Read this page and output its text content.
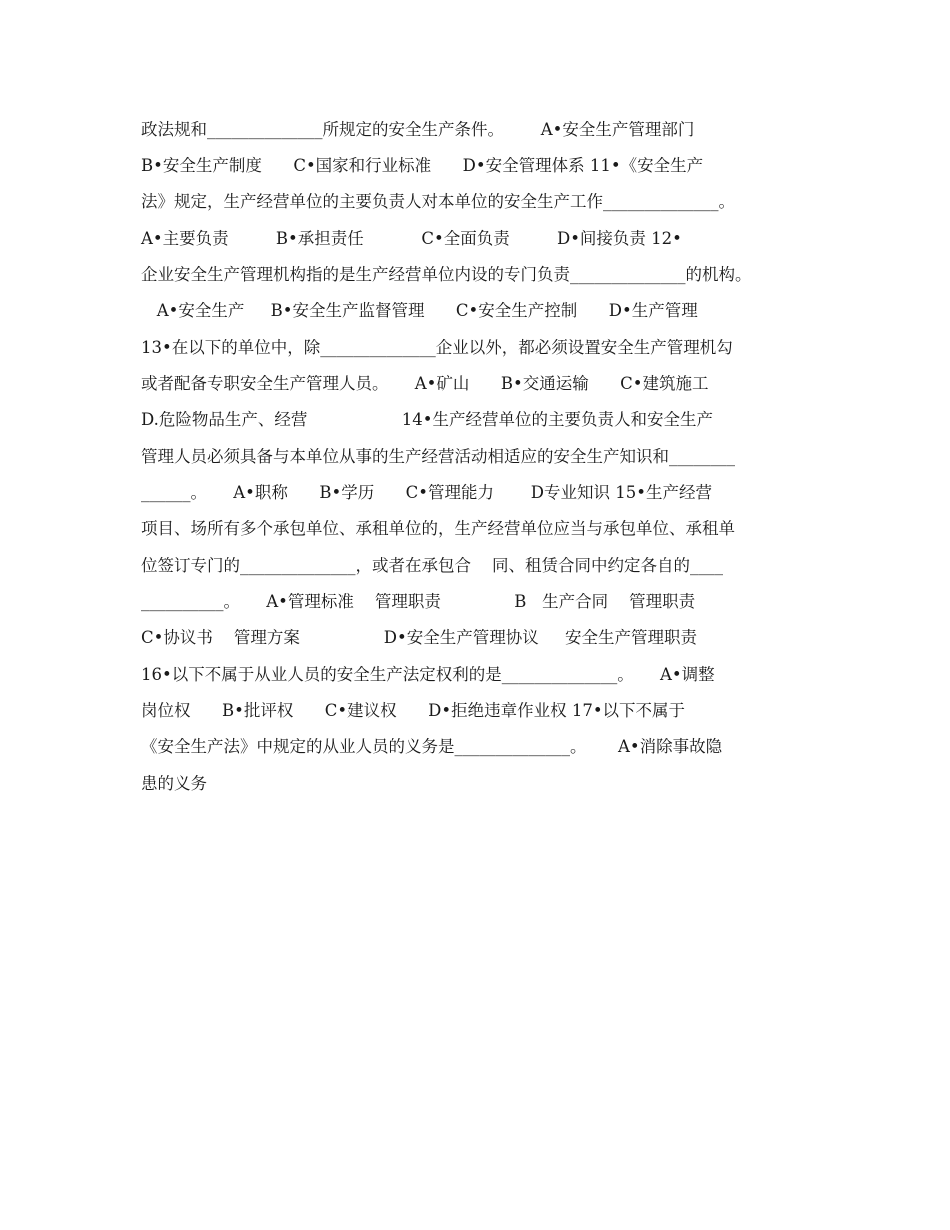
政法规和______________所规定的安全生产条件。       A•安全生产管理部门
B•安全生产制度      C•国家和行业标准      D•安全管理体系 11•《安全生产
法》规定，生产经营单位的主要负责人对本单位的安全生产工作______________。
A•主要负责         B•承担责任           C•全面负责         D•间接负责 12•
企业安全生产管理机构指的是生产经营单位内设的专门负责______________的机构。
A•安全生产     B•安全生产监督管理      C•安全生产控制      D•生产管理
13•在以下的单位中，除______________企业以外，都必须设置安全生产管理机勾
或者配备专职安全生产管理人员。     A•矿山      B•交通运输      C•建筑施工
D.危险物品生产、经营                  14•生产经营单位的主要负责人和安全生产
管理人员必须具备与本单位从事的生产经营活动相适应的安全生产知识和________
______。     A•职称      B•学历      C•管理能力       D专业知识 15•生产经营
项目、场所有多个承包单位、承租单位的，生产经营单位应当与承包单位、承租单
位签订专门的______________，或者在承包合    同、租赁合同中约定各自的____
__________。     A•管理标准    管理职责              B   生产合同    管理职责
C•协议书    管理方案                D•安全生产管理协议     安全生产管理职责
16•以下不属于从业人员的安全生产法定权利的是______________。     A•调整
岗位权      B•批评权      C•建议权      D•拒绝违章作业权 17•以下不属于
《安全生产法》中规定的从业人员的义务是______________。      A•消除事故隐
患的义务
